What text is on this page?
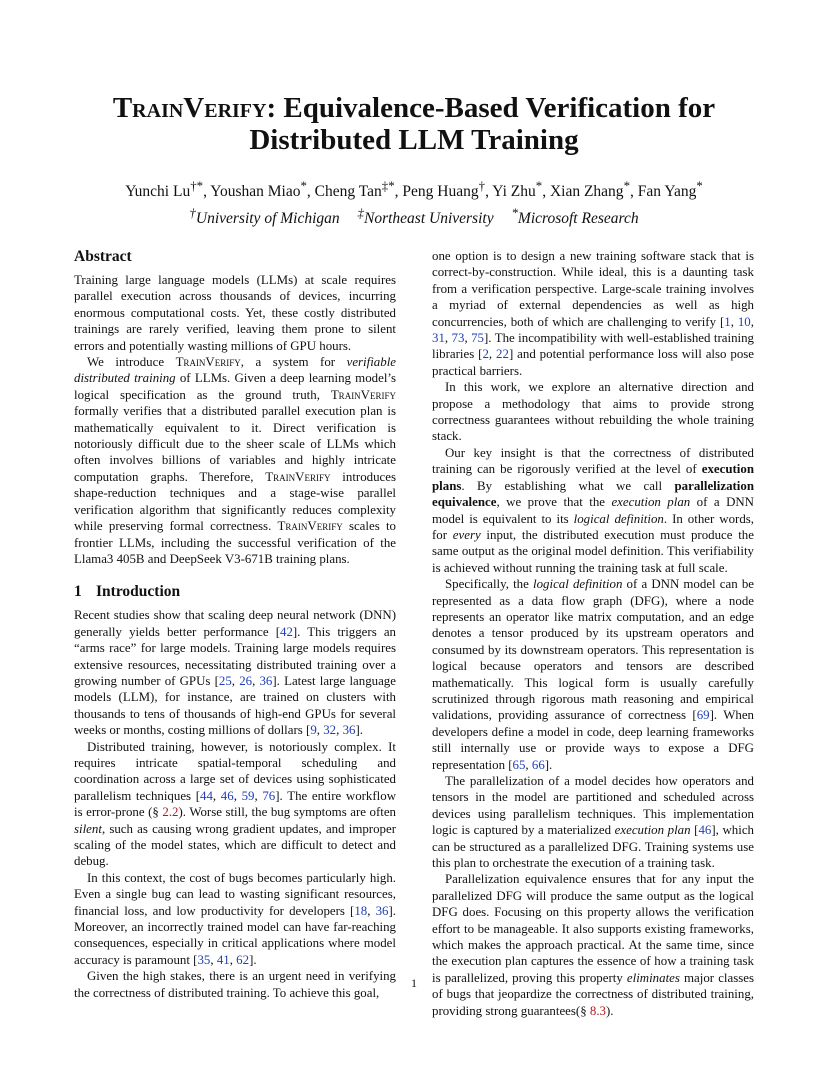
TrainVerify: Equivalence-Based Verification for
Distributed LLM Training
Yunchi Lu†*, Youshan Miao*, Cheng Tan‡*, Peng Huang†, Yi Zhu*, Xian Zhang*, Fan Yang*
†University of Michigan ‡Northeast University *Microsoft Research
Abstract

Training large language models (LLMs) at scale requires parallel execution across thousands of devices, incurring enormous computational costs. Yet, these costly distributed trainings are rarely verified, leaving them prone to silent errors and potentially wasting millions of GPU hours.

We introduce TrainVerify, a system for verifiable distributed training of LLMs. Given a deep learning model’s logical specification as the ground truth, TrainVerify formally verifies that a distributed parallel execution plan is mathematically equivalent to it. Direct verification is notoriously difficult due to the sheer scale of LLMs which often involves billions of variables and highly intricate computation graphs. Therefore, TrainVerify introduces shape-reduction techniques and a stage-wise parallel verification algorithm that significantly reduces complexity while preserving formal correctness. TrainVerify scales to frontier LLMs, including the successful verification of the Llama3 405B and DeepSeek V3-671B training plans.

1 Introduction

Recent studies show that scaling deep neural network (DNN) generally yields better performance [42]. This triggers an “arms race” for large models. Training large models requires extensive resources, necessitating distributed training over a growing number of GPUs [25, 26, 36]. Latest large language models (LLM), for instance, are trained on clusters with thousands to tens of thousands of high-end GPUs for several weeks or months, costing millions of dollars [9, 32, 36].

Distributed training, however, is notoriously complex. It requires intricate spatial-temporal scheduling and coordination across a large set of devices using sophisticated parallelism techniques [44, 46, 59, 76]. The entire workflow is error-prone (§ 2.2). Worse still, the bug symptoms are often silent, such as causing wrong gradient updates, and improper scaling of the model states, which are difficult to detect and debug.

In this context, the cost of bugs becomes particularly high. Even a single bug can lead to wasting significant resources, financial loss, and low productivity for developers [18, 36]. Moreover, an incorrectly trained model can have far-reaching consequences, especially in critical applications where model accuracy is paramount [35, 41, 62].

Given the high stakes, there is an urgent need in verifying the correctness of distributed training. To achieve this goal,

one option is to design a new training software stack that is correct-by-construction. While ideal, this is a daunting task from a verification perspective. Large-scale training involves a myriad of external dependencies as well as high concurrencies, both of which are challenging to verify [1, 10, 31, 73, 75]. The incompatibility with well-established training libraries [2, 22] and potential performance loss will also pose practical barriers.

In this work, we explore an alternative direction and propose a methodology that aims to provide strong correctness guarantees without rebuilding the whole training stack.

Our key insight is that the correctness of distributed training can be rigorously verified at the level of execution plans. By establishing what we call parallelization equivalence, we prove that the execution plan of a DNN model is equivalent to its logical definition. In other words, for every input, the distributed execution must produce the same output as the original model definition. This verifiability is achieved without running the training task at full scale.

Specifically, the logical definition of a DNN model can be represented as a data flow graph (DFG), where a node represents an operator like matrix computation, and an edge denotes a tensor produced by its upstream operators and consumed by its downstream operators. This representation is logical because operators and tensors are described mathematically. This logical form is usually carefully scrutinized through rigorous math reasoning and empirical validations, providing assurance of correctness [69]. When developers define a model in code, deep learning frameworks still internally use or provide ways to expose a DFG representation [65, 66].

The parallelization of a model decides how operators and tensors in the model are partitioned and scheduled across devices using parallelism techniques. This implementation logic is captured by a materialized execution plan [46], which can be structured as a parallelized DFG. Training systems use this plan to orchestrate the execution of a training task.

Parallelization equivalence ensures that for any input the parallelized DFG will produce the same output as the logical DFG does. Focusing on this property allows the verification effort to be manageable. It also supports existing frameworks, which makes the approach practical. At the same time, since the execution plan captures the essence of how a training task is parallelized, proving this property eliminates major classes of bugs that jeopardize the correctness of distributed training, providing strong guarantees(§ 8.3).

1
